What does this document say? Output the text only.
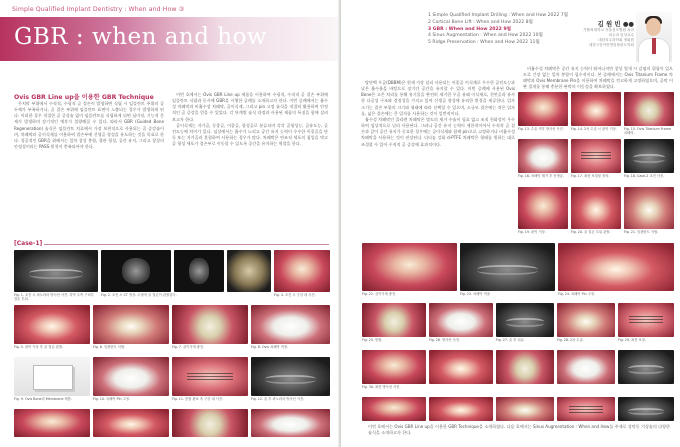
Simple Qualified Implant Dentistry : When and How ③
GBR : when and how
Ovis GBR Line up을 이용한 GBR Technique

무치악 부위에서 수직적, 수평적 골 결손이 발생하면 식립 시 임플란트 주위의 골 두께가 부족하거나, 골 결손 부위에 임플란트 표면이 노출되는 경우가 발생하게 된다. 이러한 경우 적절한 골 증강술 없이 임플란트를 식립하게 되면 심미적, 기능적 문제가 발생하며 장기적인 예후가 불량해질 수 있다. 따라서 GBR (Guided Bone Regeneration) 술식은 임플란트 치료에서 가장 보편적으로 사용되는 골 증강술이며, 차폐막과 골이식재를 이용하여 결손부에 신생골 형성을 유도하는 것을 목표로 한다. 성공적인 GBR을 위해서는 일차 창상 봉합, 혈관 형성, 공간 유지, 그리고 창상의 안정성이라는 PASS 원칙이 충족되어야 한다.

이번 호에서는 Ovis GBR Line up 제품을 이용하여 수평적, 수직적 골 결손 부위에 임플란트 식립과 동시에 GBR을 시행한 증례를 소개하고자 한다. 이번 증례에서는 흡수성 차폐막과 비흡수성 차폐막, 골이식재, 그리고 pin 고정 술식을 적절히 활용하여 안정적인 골 증강을 얻을 수 있었다. 각 단계별 술식 과정과 사용된 제품의 특징을 함께 살펴보고자 한다.

골이식재는 자가골, 동종골, 이종골, 합성골로 분류되며 각각 골형성능, 골유도능, 골전도능에 차이가 있다. 임상에서는 흡수가 느리고 공간 유지 능력이 우수한 이종골을 단독 또는 자가골과 혼합하여 사용하는 경우가 많다. 차폐막은 연조직 세포의 침입을 막고 골 형성 세포가 결손부로 이동할 수 있도록 공간을 유지하는 역할을 한다.

[Case-1]
Fig. 1. 초진 시 파노라마 방사선 사진. 하악 우측 구치부 결손 부위.
Fig. 2. 초진 시 CT 영상. 수평적 골 결손이 관찰된다.	Fig. 4. 초진 시 구강 내 사진.
Fig. 5. 판막 거상 후 골 결손 관찰.	Fig. 6. 임플란트 식립.	Fig. 7. 골이식재 충전.	Fig. 8. Ovis 차폐막 적용.
Fig. 9. Ovis Bone과 Membrane 제품.	Fig. 10. 차폐막 Pin 고정.	Fig. 11. 봉합 완료 후 구강 내 사진.	Fig. 12. 술 후 파노라마 방사선 사진.

탈단백 우골(DBBM)은 현재 가장 널리 사용되는 이종골 이식재로 우수한 골전도능과 낮은 흡수율을 바탕으로 장기간 공간을 유지할 수 있다. 이번 증례에 사용된 Ovis Bone은 고온 처리를 통해 유기물을 완전히 제거한 우골 유래 이식재로, 천연골과 유사한 다공성 구조와 결정성을 가지고 있어 신생골 형성에 유리한 환경을 제공한다. 입자 크기는 결손 부위의 크기와 형태에 따라 선택할 수 있으며, 소규모 결손에는 작은 입자를, 넓은 결손에는 큰 입자를 사용하는 것이 일반적이다.

흡수성 차폐막인 콜라겐 차폐막은 별도의 제거 수술이 필요 없고 조직 친화성이 우수하여 임상적으로 널리 사용된다. 그러나 공간 유지 능력이 제한적이어서 수직적 골 결손과 같이 공간 유지가 중요한 경우에는 골이식재와 함께 pin으로 고정하거나 비흡수성 차폐막을 사용하는 것이 권장된다. 티타늄 강화 d-PTFE 차폐막은 형태를 원하는 대로 조절할 수 있어 수직적 골 증강에 효과적이다.

비흡수성 차폐막은 공간 유지 능력이 뛰어나지만 창상 열개 시 감염의 위험이 있으므로 긴장 없는 일차 봉합이 필수적이다. 본 증례에서는 Ovis Titanium Frame 차폐막과 Ovis Membrane Pin을 이용하여 차폐막을 견고하게 고정하였으며, 골막 이완 절개를 통해 충분한 판막의 이동성을 확보하였다.

1 Simple Qualified Implant Drilling : When and How 2022 7월
2 Cortical Bone Lift : When and How 2022 8월
3 GBR : When and How 2022 9월
4 Sinus Augmentation : When and How 2022 10월
5 Ridge Preservation : When and How 2022 11월
김 원 빈 ●●
가톨릭대학교 서울성모병원 치과
치주과 임상교수
대한치주과학회 정회원
대한구강악안면임플란트학회
Fig. 13. 수술 직후 방사선 사진.	Fig. 14. 2차 수술 시 판막 거상.	Fig. 15. Ovis Titanium Frame 차폐막.
Fig. 16. 차폐막 제거 후 신생골.	Fig. 17. 최종 보철물 장착.	Fig. 18. Case-2 초진 사진.
Fig. 19. 판막 거상.	Fig. 20. 골 결손 부위 관찰.	Fig. 21. 임플란트 식립.
Fig. 22. 골이식재 충전.	Fig. 23. 차폐막 적용.	Fig. 24. 차폐막 Pin 고정.
Fig. 25. 봉합.	Fig. 26. 방사선 사진.	Fig. 27. 술 후 치유.	Fig. 28. 2차 수술.	Fig. 29. 최종 보철.
Fig. 30. 최종 방사선 사진.
이번 호에서는 Ovis GBR Line up을 이용한 GBR Technique을 소개하였다. 다음 호에서는 Sinus Augmentation : When and How를 주제로 상악동 거상술의 다양한 술식을 소개하고자 한다.
